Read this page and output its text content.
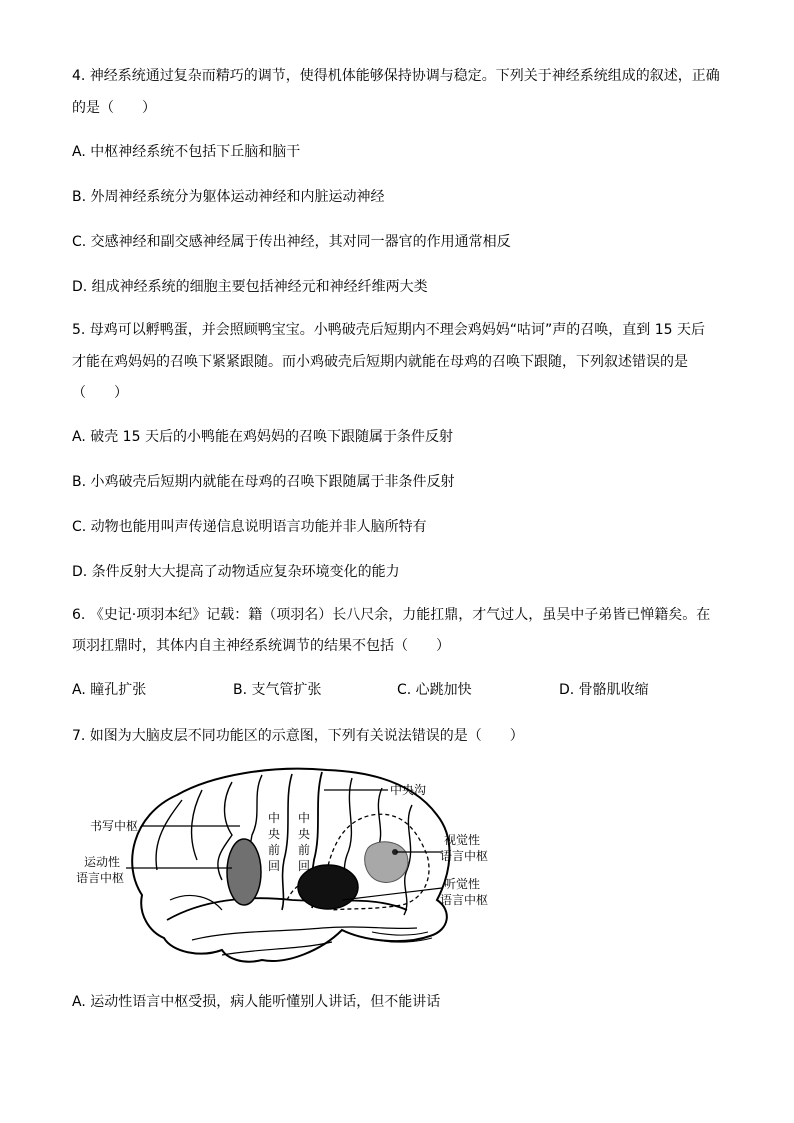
4. 神经系统通过复杂而精巧的调节，使得机体能够保持协调与稳定。下列关于神经系统组成的叙述，正确
的是（　　）
A. 中枢神经系统不包括下丘脑和脑干
B. 外周神经系统分为躯体运动神经和内脏运动神经
C. 交感神经和副交感神经属于传出神经，其对同一器官的作用通常相反
D. 组成神经系统的细胞主要包括神经元和神经纤维两大类
5. 母鸡可以孵鸭蛋，并会照顾鸭宝宝。小鸭破壳后短期内不理会鸡妈妈“咕诃”声的召唤，直到 15 天后
才能在鸡妈妈的召唤下紧紧跟随。而小鸡破壳后短期内就能在母鸡的召唤下跟随，下列叙述错误的是
（　　）
A. 破壳 15 天后的小鸭能在鸡妈妈的召唤下跟随属于条件反射
B. 小鸡破壳后短期内就能在母鸡的召唤下跟随属于非条件反射
C. 动物也能用叫声传递信息说明语言功能并非人脑所特有
D. 条件反射大大提高了动物适应复杂环境变化的能力
6. 《史记·项羽本纪》记载：籍（项羽名）长八尺余，力能扛鼎，才气过人，虽吴中子弟皆已惮籍矣。在
项羽扛鼎时，其体内自主神经系统调节的结果不包括（　　）
A. 瞳孔扩张	B. 支气管扩张	C. 心跳加快	D. 骨骼肌收缩
7. 如图为大脑皮层不同功能区的示意图，下列有关说法错误的是（　　）
中央沟
书写中枢
运动性
语言中枢
中
央
前
回
中
央
前
回
视觉性
语言中枢
听觉性
语言中枢
A. 运动性语言中枢受损，病人能听懂别人讲话，但不能讲话
